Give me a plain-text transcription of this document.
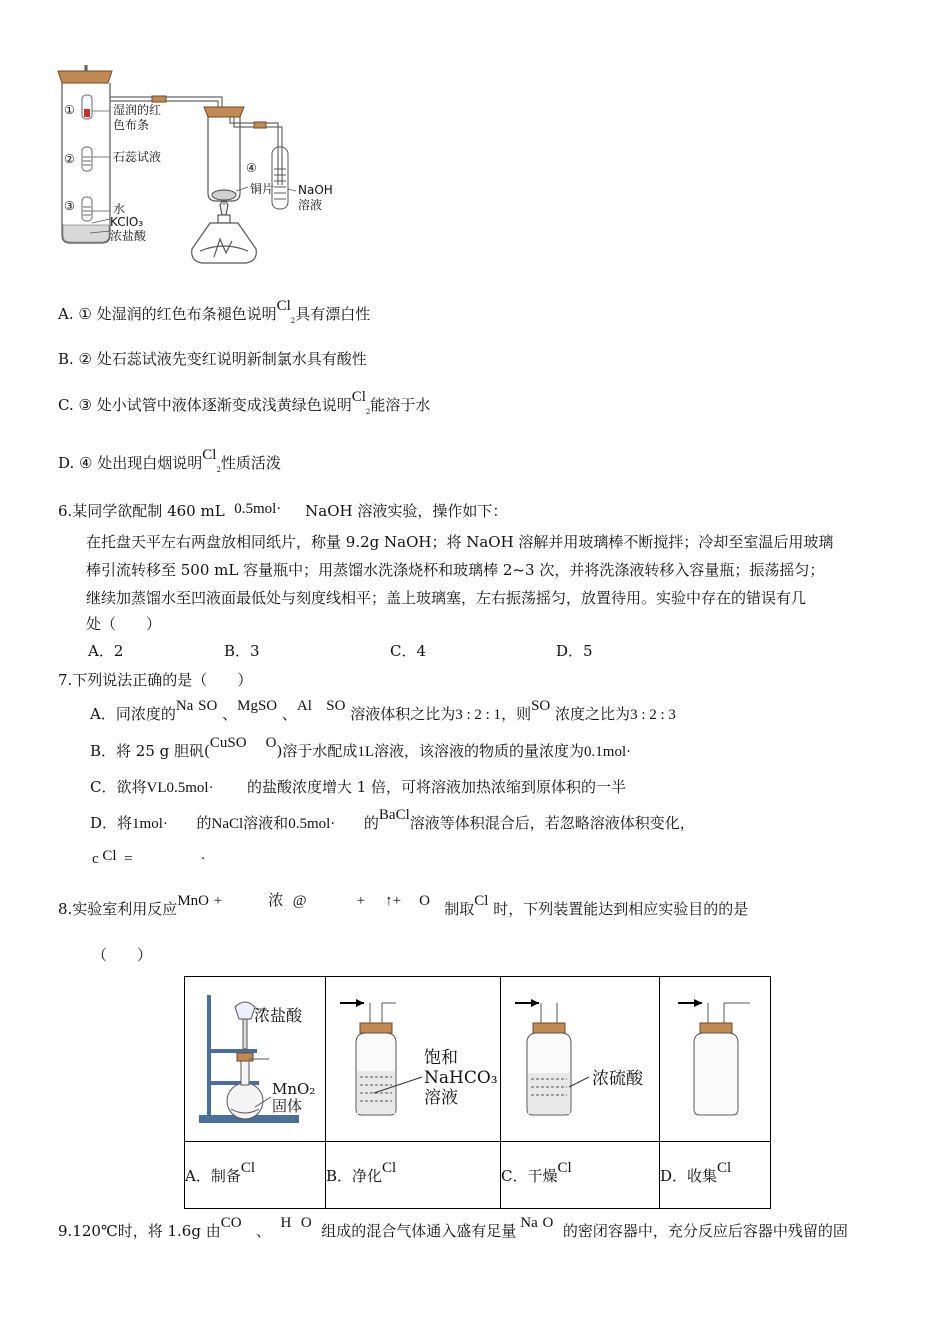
①
②
③
④
湿润的红
色布条
石蕊试液
水
KClO₃
浓盐酸
铜片 NaOH
溶液
A. ① 处湿润的红色布条褪色说明$Cl_2$具有漂白性
B. ② 处石蕊试液先变红说明新制氯水具有酸性
C. ③ 处小试管中液体逐渐变成浅黄绿色说明$Cl_2$能溶于水
D. ④ 处出现白烟说明$Cl_2$性质活泼
6.某同学欲配制 460 mL 0.5mol· NaOH 溶液实验，操作如下：
在托盘天平左右两盘放相同纸片，称量 9.2g NaOH；将 NaOH 溶解并用玻璃棒不断搅拌；冷却至室温后用玻璃
棒引流转移至 500 mL 容量瓶中；用蒸馏水洗涤烧杯和玻璃棒 2~3 次，并将洗涤液转移入容量瓶；振荡摇匀；
继续加蒸馏水至凹液面最低处与刻度线相平；盖上玻璃塞，左右振荡摇匀，放置待用。实验中存在的错误有几
处（　　）
A．2	B．3	C．4	D．5
7.下列说法正确的是（　　）
A．同浓度的Na SO 、MgSO 、Al SO 溶液体积之比为3 : 2 : 1，则SO 浓度之比为3 : 2 : 3
B．将 25 g 胆矾(CuSO O)溶于水配成1L溶液，该溶液的物质的量浓度为0.1mol·
C．欲将VL0.5mol· 的盐酸浓度增大 1 倍，可将溶液加热浓缩到原体积的一半
D．将1mol· 的NaCl溶液和0.5mol· 的BaCl溶液等体积混合后，若忽略溶液体积变化，
c Cl =	·
8.实验室利用反应MnO +	浓 @	+ ↑+ O 制取Cl 时，下列装置能达到相应实验目的的是
（　　）

A．制备Cl	B．净化Cl	C．干燥Cl	D．收集Cl
浓盐酸
MnO₂
固体
饱和
NaHCO₃
溶液
浓硫酸
9.120℃时，将 1.6g 由CO 、 H O 组成的混合气体通入盛有足量 Na O 的密闭容器中，充分反应后容器中残留的固
